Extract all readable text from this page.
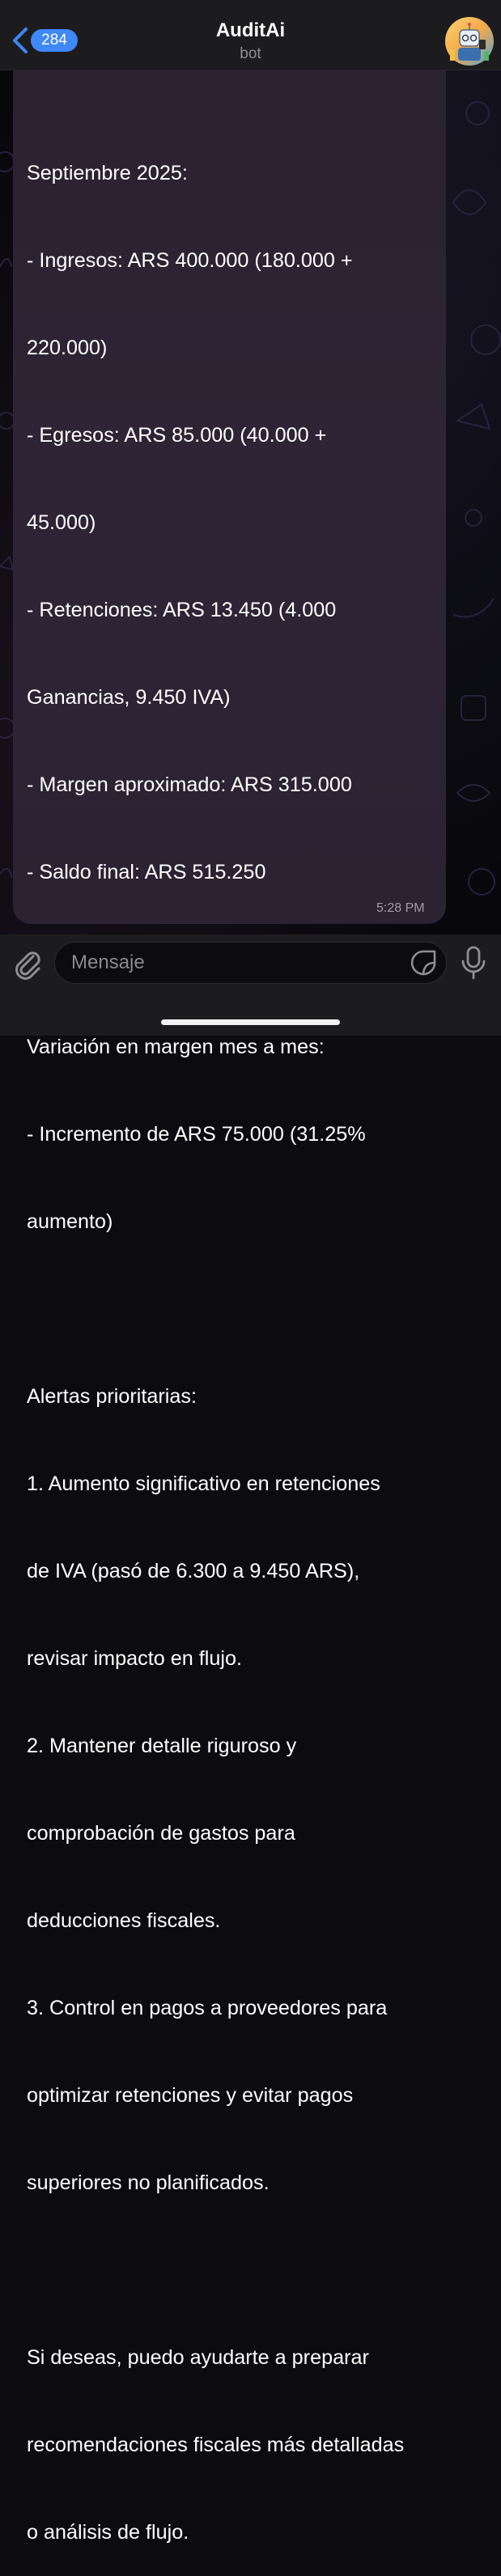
284	AuditAi
bot

Septiembre 2025:

- Ingresos: ARS 400.000 (180.000 +

220.000)

- Egresos: ARS 85.000 (40.000 +

45.000)

- Retenciones: ARS 13.450 (4.000

Ganancias, 9.450 IVA)

- Margen aproximado: ARS 315.000

- Saldo final: ARS 515.250

Variación en margen mes a mes:

- Incremento de ARS 75.000 (31.25%

aumento)

Alertas prioritarias:

1. Aumento significativo en retenciones

de IVA (pasó de 6.300 a 9.450 ARS),

revisar impacto en flujo.

2. Mantener detalle riguroso y

comprobación de gastos para

deducciones fiscales.

3. Control en pagos a proveedores para

optimizar retenciones y evitar pagos

superiores no planificados.

Si deseas, puedo ayudarte a preparar

recomendaciones fiscales más detalladas

o análisis de flujo.

5:28 PM
Mensaje
